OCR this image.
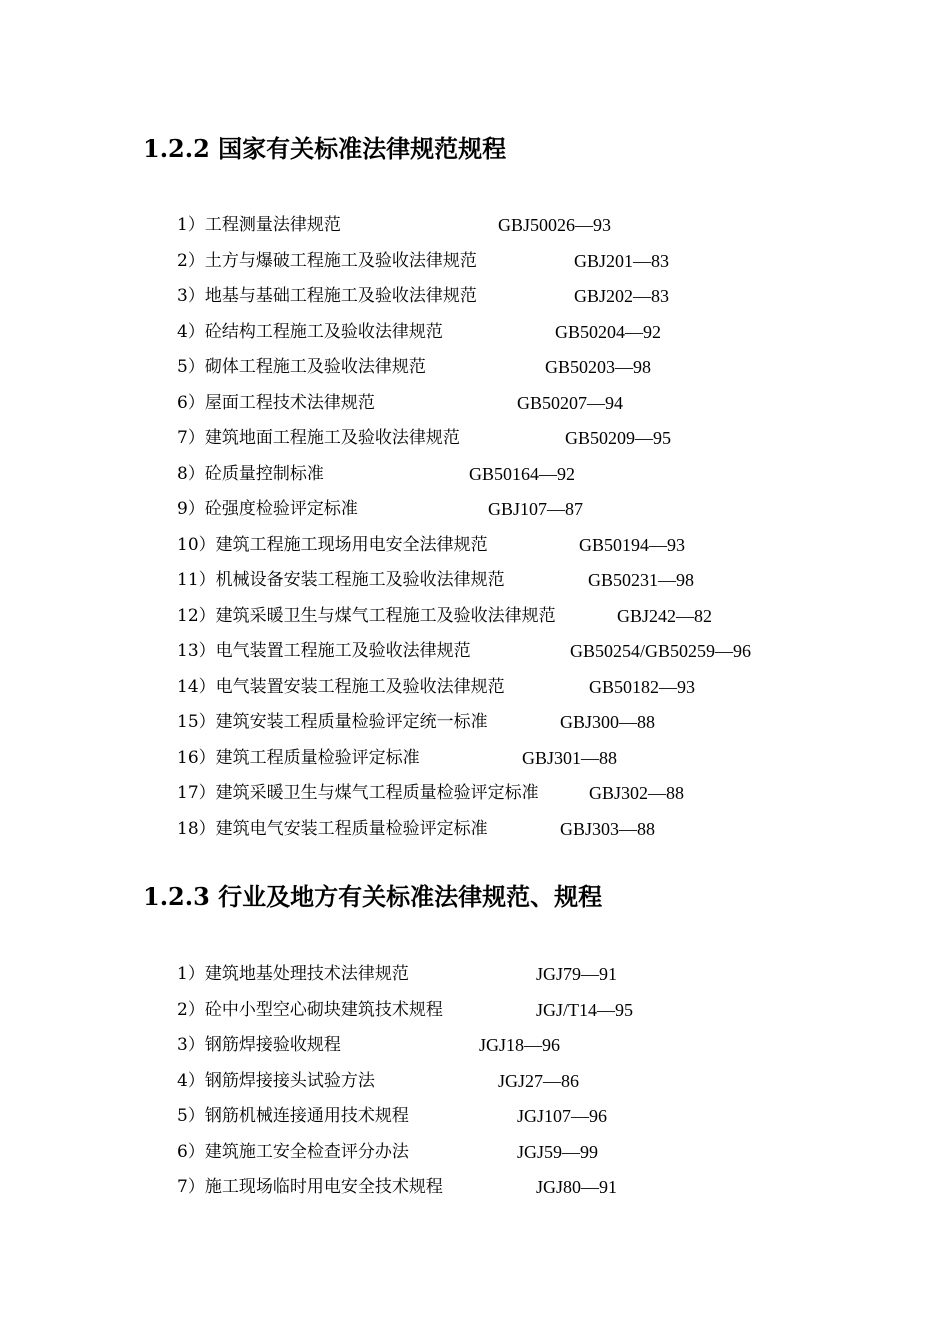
1.2.2 国家有关标准法律规范规程
1）工程测量法律规范	GBJ50026—93
2）土方与爆破工程施工及验收法律规范	GBJ201—83
3）地基与基础工程施工及验收法律规范	GBJ202—83
4）砼结构工程施工及验收法律规范	GB50204—92
5）砌体工程施工及验收法律规范	GB50203—98
6）屋面工程技术法律规范	GB50207—94
7）建筑地面工程施工及验收法律规范	GB50209—95
8）砼质量控制标准	GB50164—92
9）砼强度检验评定标准	GBJ107—87
10）建筑工程施工现场用电安全法律规范	GB50194—93
11）机械设备安装工程施工及验收法律规范	GB50231—98
12）建筑采暖卫生与煤气工程施工及验收法律规范	GBJ242—82
13）电气装置工程施工及验收法律规范	GB50254/GB50259—96
14）电气装置安装工程施工及验收法律规范	GB50182—93
15）建筑安装工程质量检验评定统一标准	GBJ300—88
16）建筑工程质量检验评定标准	GBJ301—88
17）建筑采暖卫生与煤气工程质量检验评定标准	GBJ302—88
18）建筑电气安装工程质量检验评定标准	GBJ303—88
1.2.3 行业及地方有关标准法律规范、规程
1）建筑地基处理技术法律规范	JGJ79—91
2）砼中小型空心砌块建筑技术规程	JGJ/T14—95
3）钢筋焊接验收规程	JGJ18—96
4）钢筋焊接接头试验方法	JGJ27—86
5）钢筋机械连接通用技术规程	JGJ107—96
6）建筑施工安全检查评分办法	JGJ59—99
7）施工现场临时用电安全技术规程	JGJ80—91
